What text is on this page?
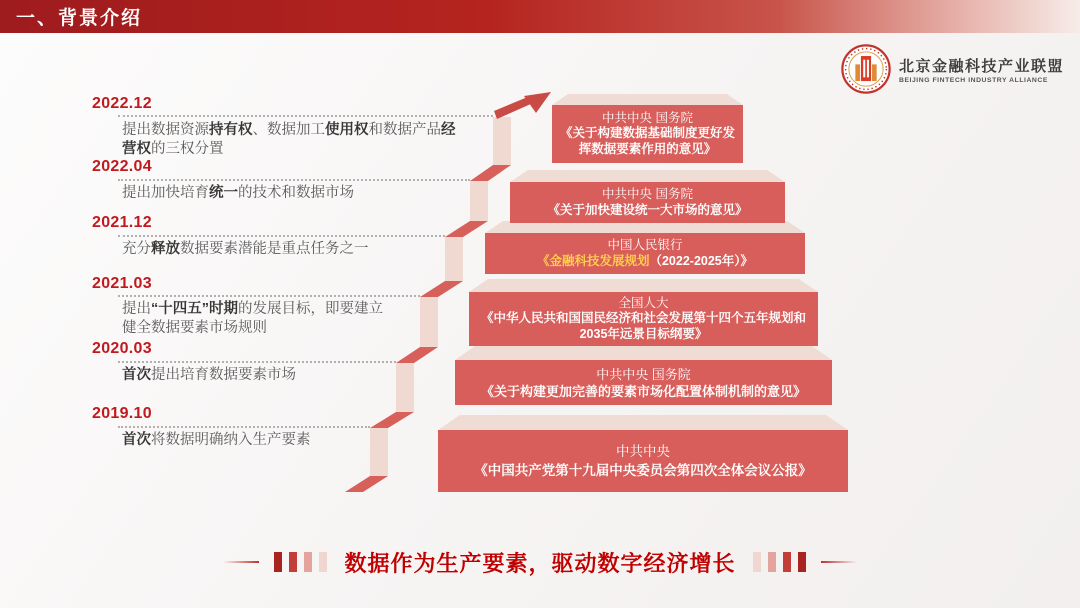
一、背景介绍
北京金融科技产业联盟
BEIJING FINTECH INDUSTRY ALLIANCE
中共中央 国务院
《关于构建数据基础制度更好发挥数据要素作用的意见》
中共中央 国务院
《关于加快建设统一大市场的意见》
中国人民银行
《金融科技发展规划（2022-2025年）》
全国人大
《中华人民共和国国民经济和社会发展第十四个五年规划和2035年远景目标纲要》
中共中央 国务院
《关于构建更加完善的要素市场化配置体制机制的意见》
中共中央
《中国共产党第十九届中央委员会第四次全体会议公报》
2022.12
提出数据资源持有权、数据加工使用权和数据产品经营权的三权分置
2022.04
提出加快培育统一的技术和数据市场
2021.12
充分释放数据要素潜能是重点任务之一
2021.03
提出“十四五”时期的发展目标，即要建立健全数据要素市场规则
2020.03
首次提出培育数据要素市场
2019.10
首次将数据明确纳入生产要素
数据作为生产要素，驱动数字经济增长
